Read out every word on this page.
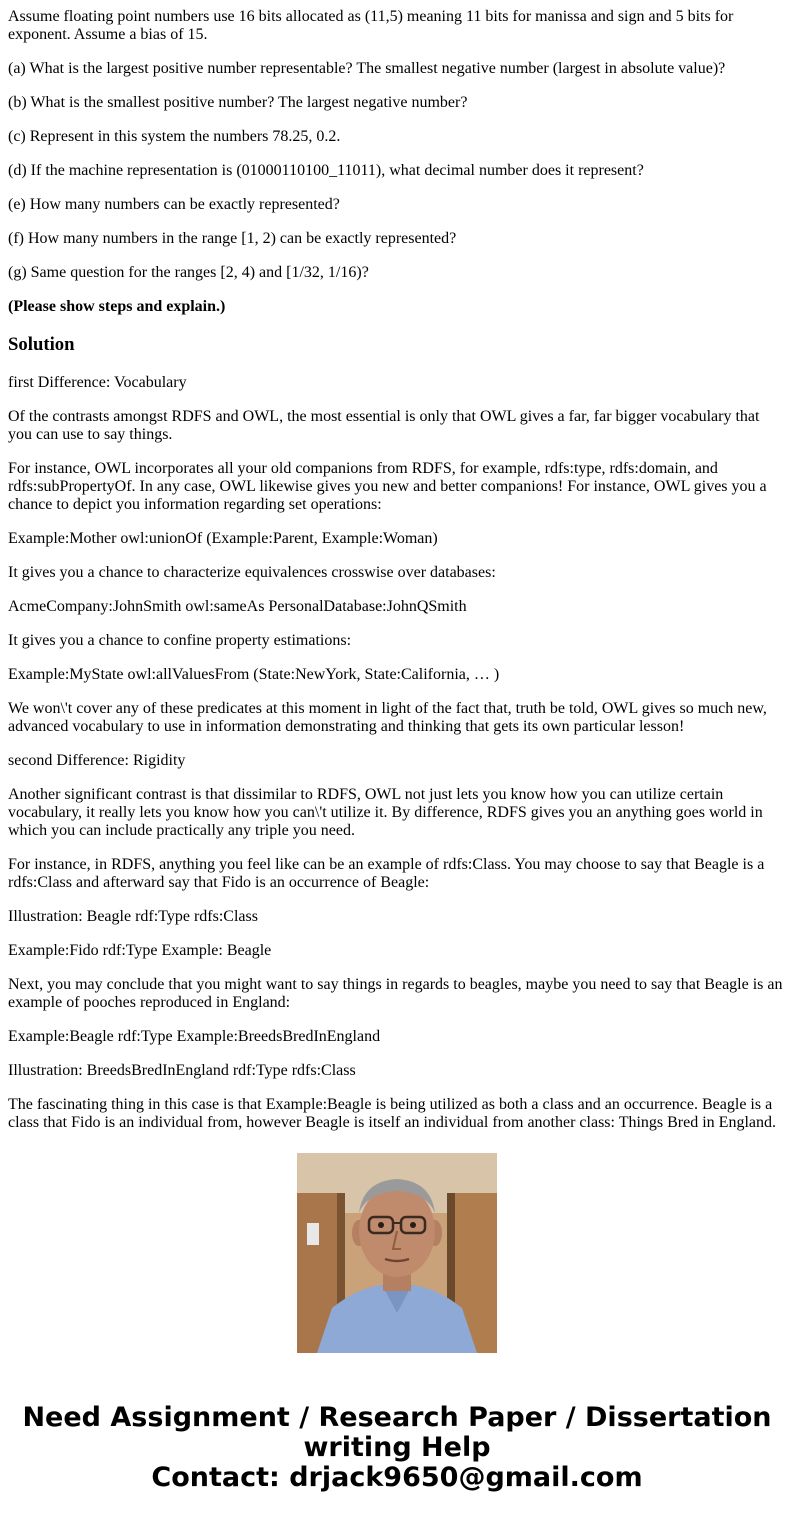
Assume floating point numbers use 16 bits allocated as (11,5) meaning 11 bits for manissa and sign and 5 bits for exponent. Assume a bias of 15.

(a) What is the largest positive number representable? The smallest negative number (largest in absolute value)?

(b) What is the smallest positive number? The largest negative number?

(c) Represent in this system the numbers 78.25, 0.2.

(d) If the machine representation is (01000110100_11011), what decimal number does it represent?

(e) How many numbers can be exactly represented?

(f) How many numbers in the range [1, 2) can be exactly represented?

(g) Same question for the ranges [2, 4) and [1/32, 1/16)?

(Please show steps and explain.)

Solution

first Difference: Vocabulary

Of the contrasts amongst RDFS and OWL, the most essential is only that OWL gives a far, far bigger vocabulary that you can use to say things.

For instance, OWL incorporates all your old companions from RDFS, for example, rdfs:type, rdfs:domain, and rdfs:subPropertyOf. In any case, OWL likewise gives you new and better companions! For instance, OWL gives you a chance to depict you information regarding set operations:

Example:Mother owl:unionOf (Example:Parent, Example:Woman)

It gives you a chance to characterize equivalences crosswise over databases:

AcmeCompany:JohnSmith owl:sameAs PersonalDatabase:JohnQSmith

It gives you a chance to confine property estimations:

Example:MyState owl:allValuesFrom (State:NewYork, State:California, … )

We won\'t cover any of these predicates at this moment in light of the fact that, truth be told, OWL gives so much new, advanced vocabulary to use in information demonstrating and thinking that gets its own particular lesson!

second Difference: Rigidity

Another significant contrast is that dissimilar to RDFS, OWL not just lets you know how you can utilize certain vocabulary, it really lets you know how you can\'t utilize it. By difference, RDFS gives you an anything goes world in which you can include practically any triple you need.

For instance, in RDFS, anything you feel like can be an example of rdfs:Class. You may choose to say that Beagle is a rdfs:Class and afterward say that Fido is an occurrence of Beagle:

Illustration: Beagle rdf:Type rdfs:Class

Example:Fido rdf:Type Example: Beagle

Next, you may conclude that you might want to say things in regards to beagles, maybe you need to say that Beagle is an example of pooches reproduced in England:

Example:Beagle rdf:Type Example:BreedsBredInEngland

Illustration: BreedsBredInEngland rdf:Type rdfs:Class

The fascinating thing in this case is that Example:Beagle is being utilized as both a class and an occurrence. Beagle is a class that Fido is an individual from, however Beagle is itself an individual from another class: Things Bred in England.

Need Assignment / Research Paper / Dissertation
writing Help
Contact: drjack9650@gmail.com
